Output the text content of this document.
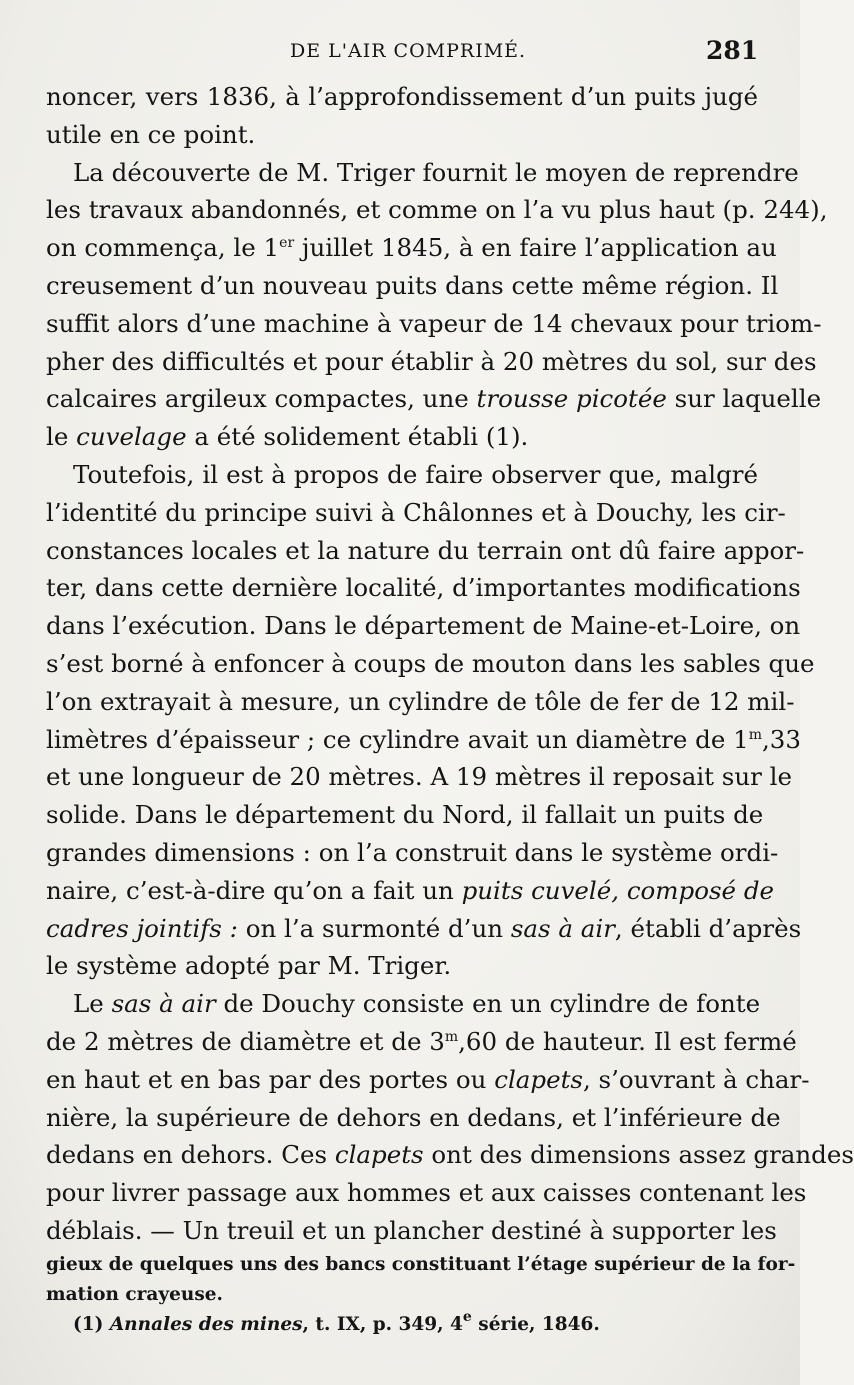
DE L'AIR COMPRIMÉ.	281
noncer, vers 1836, à l’approfondissement d’un puits jugé
utile en ce point.
La découverte de M. Triger fournit le moyen de reprendre
les travaux abandonnés, et comme on l’a vu plus haut (p. 244),
on commença, le 1er juillet 1845, à en faire l’application au
creusement d’un nouveau puits dans cette même région. Il
suffit alors d’une machine à vapeur de 14 chevaux pour triom-
pher des difficultés et pour établir à 20 mètres du sol, sur des
calcaires argileux compactes, une trousse picotée sur laquelle
le cuvelage a été solidement établi (1).
Toutefois, il est à propos de faire observer que, malgré
l’identité du principe suivi à Châlonnes et à Douchy, les cir-
constances locales et la nature du terrain ont dû faire appor-
ter, dans cette dernière localité, d’importantes modifications
dans l’exécution. Dans le département de Maine-et-Loire, on
s’est borné à enfoncer à coups de mouton dans les sables que
l’on extrayait à mesure, un cylindre de tôle de fer de 12 mil-
limètres d’épaisseur ; ce cylindre avait un diamètre de 1$^m$,33
et une longueur de 20 mètres. A 19 mètres il reposait sur le
solide. Dans le département du Nord, il fallait un puits de
grandes dimensions : on l’a construit dans le système ordi-
naire, c’est-à-dire qu’on a fait un puits cuvelé, composé de
cadres jointifs : on l’a surmonté d’un sas à air, établi d’après
le système adopté par M. Triger.
Le sas à air de Douchy consiste en un cylindre de fonte
de 2 mètres de diamètre et de 3$^m$,60 de hauteur. Il est fermé
en haut et en bas par des portes ou clapets, s’ouvrant à char-
nière, la supérieure de dehors en dedans, et l’inférieure de
dedans en dehors. Ces clapets ont des dimensions assez grandes
pour livrer passage aux hommes et aux caisses contenant les
déblais. — Un treuil et un plancher destiné à supporter les
gieux de quelques uns des bancs constituant l’étage supérieur de la for-
mation crayeuse.
(1) Annales des mines, t. IX, p. 349, 4e série, 1846.
